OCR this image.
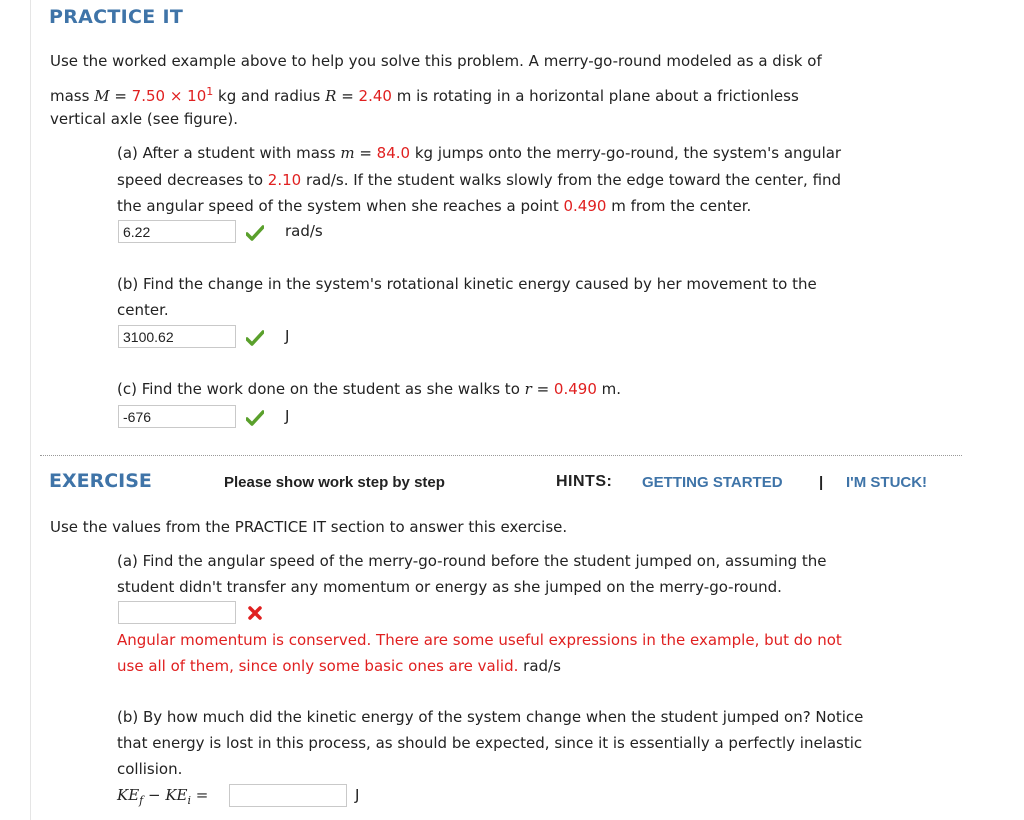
PRACTICE IT
Use the worked example above to help you solve this problem. A merry-go-round modeled as a disk of
mass $M = 7.50 \times 10^1$ kg and radius R = 2.40 m is rotating in a horizontal plane about a frictionless
vertical axle (see figure).
(a) After a student with mass m = 84.0 kg jumps onto the merry-go-round, the system's angular
speed decreases to 2.10 rad/s. If the student walks slowly from the edge toward the center, find
the angular speed of the system when she reaches a point 0.490 m from the center.
6.22	rad/s
(b) Find the change in the system's rotational kinetic energy caused by her movement to the
center.
3100.62	J
(c) Find the work done on the student as she walks to r = 0.490 m.
-676	J
EXERCISE	Please show work step by step	HINTS: GETTING STARTED | I'M STUCK!
Use the values from the PRACTICE IT section to answer this exercise.
(a) Find the angular speed of the merry-go-round before the student jumped on, assuming the
student didn't transfer any momentum or energy as she jumped on the merry-go-round.
Angular momentum is conserved. There are some useful expressions in the example, but do not
use all of them, since only some basic ones are valid. rad/s
(b) By how much did the kinetic energy of the system change when the student jumped on? Notice
that energy is lost in this process, as should be expected, since it is essentially a perfectly inelastic
collision.
$KE_f - KE_i$ =	J
